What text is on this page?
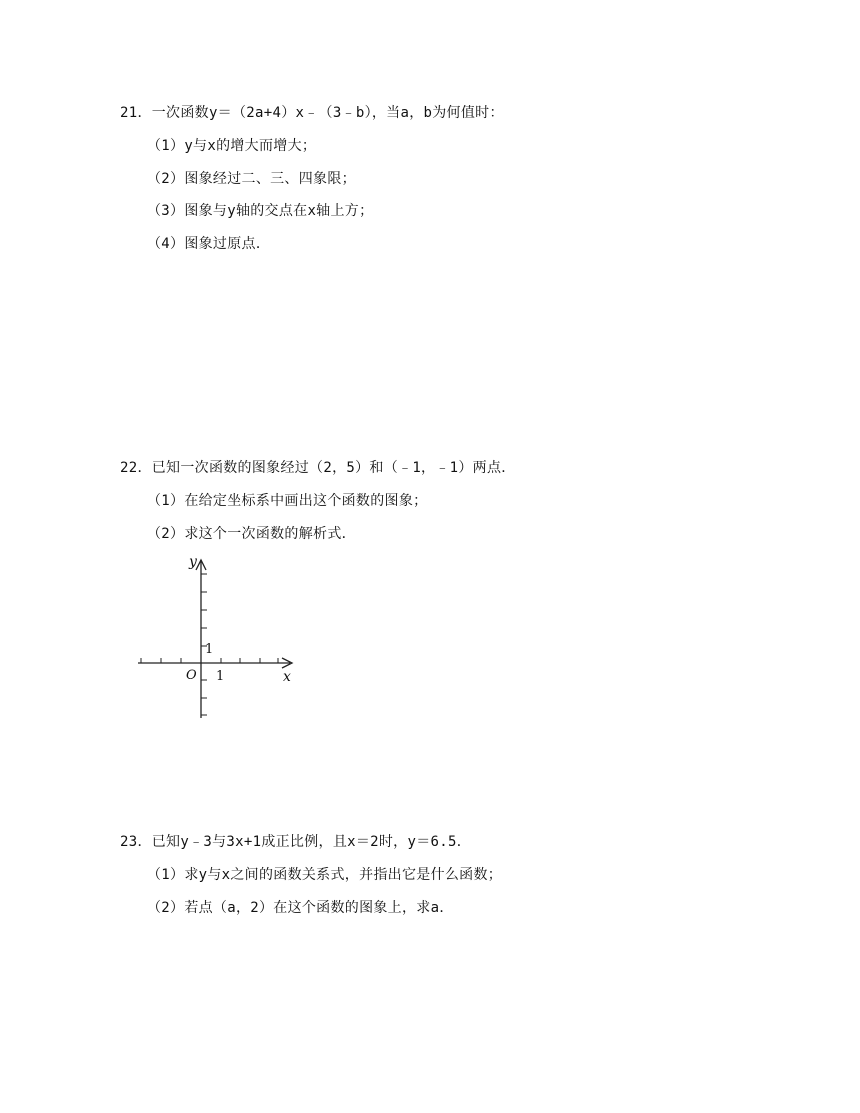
21．一次函数y＝（2a+4）x﹣（3﹣b），当a，b为何值时：
（1）y与x的增大而增大；
（2）图象经过二、三、四象限；
（3）图象与y轴的交点在x轴上方；
（4）图象过原点．
22．已知一次函数的图象经过（2，5）和（﹣1，﹣1）两点．
（1）在给定坐标系中画出这个函数的图象；
（2）求这个一次函数的解析式．
y
x
O 1
1
23．已知y﹣3与3x+1成正比例，且x＝2时，y＝6.5．
（1）求y与x之间的函数关系式，并指出它是什么函数；
（2）若点（a，2）在这个函数的图象上，求a．
